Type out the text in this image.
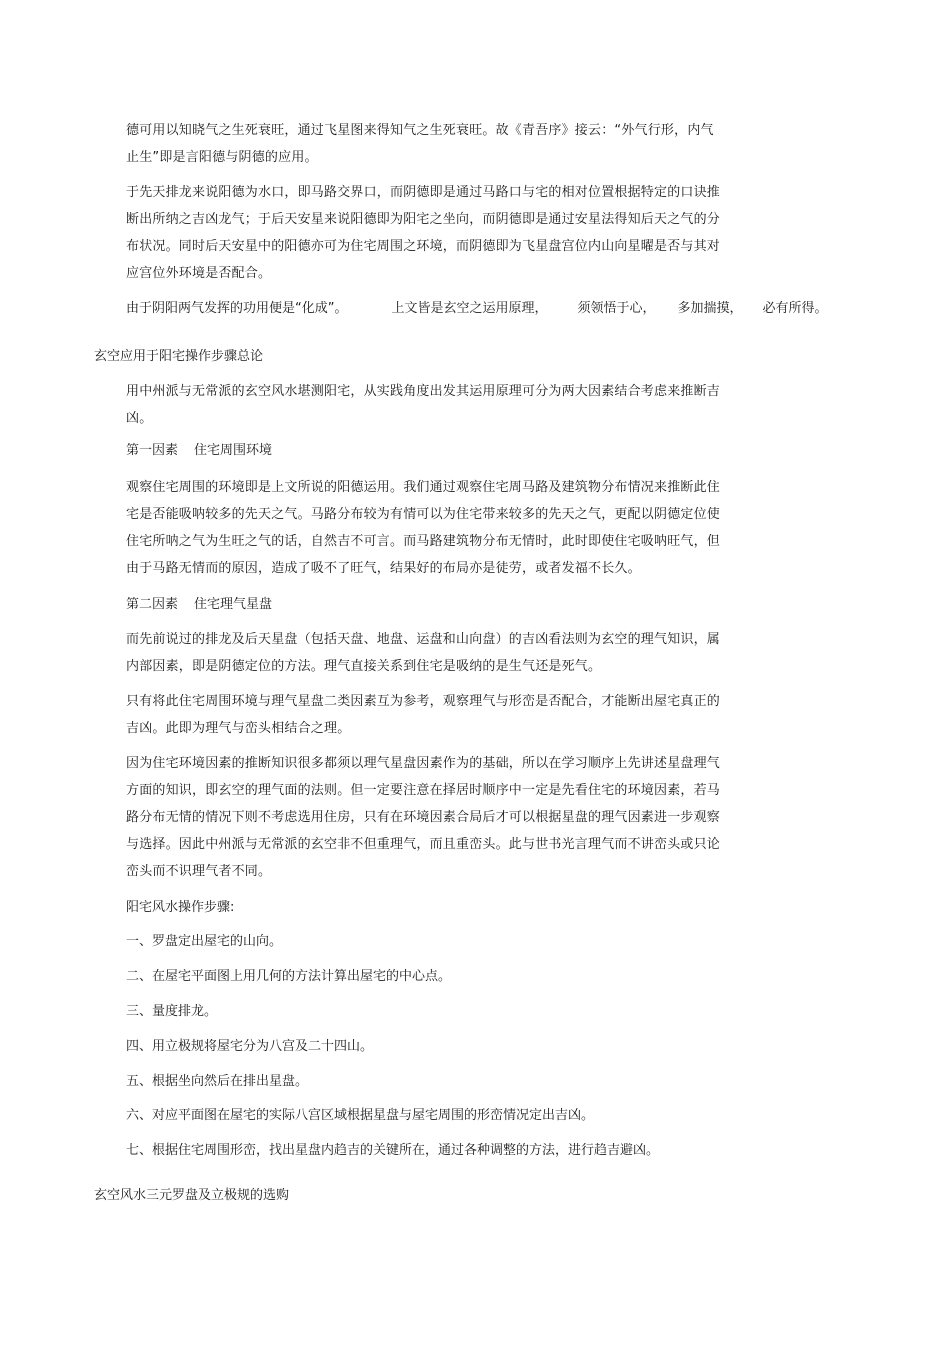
德可用以知晓气之生死衰旺，通过飞星图来得知气之生死衰旺。故《青吾序》接云：“外气行形，内气
止生”即是言阳德与阴德的应用。

于先天排龙来说阳德为水口，即马路交界口，而阴德即是通过马路口与宅的相对位置根据特定的口诀推
断出所纳之吉凶龙气；于后天安星来说阳德即为阳宅之坐向，而阴德即是通过安星法得知后天之气的分
布状况。同时后天安星中的阳德亦可为住宅周围之环境，而阴德即为飞星盘宫位内山向星曜是否与其对
应宫位外环境是否配合。

由于阴阳两气发挥的功用便是“化成”。	上文皆是玄空之运用原理， 须领悟于心， 多加揣摸， 必有所得。

玄空应用于阳宅操作步骤总论

用中州派与无常派的玄空风水堪测阳宅，从实践角度出发其运用原理可分为两大因素结合考虑来推断吉
凶。

第一因素 住宅周围环境

观察住宅周围的环境即是上文所说的阳德运用。我们通过观察住宅周马路及建筑物分布情况来推断此住
宅是否能吸呐较多的先天之气。马路分布较为有情可以为住宅带来较多的先天之气，更配以阴德定位使
住宅所呐之气为生旺之气的话，自然吉不可言。而马路建筑物分布无情时，此时即使住宅吸呐旺气，但
由于马路无情而的原因，造成了吸不了旺气，结果好的布局亦是徒劳，或者发福不长久。

第二因素 住宅理气星盘

而先前说过的排龙及后天星盘（包括天盘、地盘、运盘和山向盘）的吉凶看法则为玄空的理气知识，属
内部因素，即是阴德定位的方法。理气直接关系到住宅是吸纳的是生气还是死气。

只有将此住宅周围环境与理气星盘二类因素互为参考，观察理气与形峦是否配合，才能断出屋宅真正的
吉凶。此即为理气与峦头相结合之理。

因为住宅环境因素的推断知识很多都须以理气星盘因素作为的基础，所以在学习顺序上先讲述星盘理气
方面的知识，即玄空的理气面的法则。但一定要注意在择居时顺序中一定是先看住宅的环境因素，若马
路分布无情的情况下则不考虑选用住房，只有在环境因素合局后才可以根据星盘的理气因素进一步观察
与选择。因此中州派与无常派的玄空非不但重理气，而且重峦头。此与世书光言理气而不讲峦头或只论
峦头而不识理气者不同。

阳宅风水操作步骤:

一、罗盘定出屋宅的山向。

二、在屋宅平面图上用几何的方法计算出屋宅的中心点。

三、量度排龙。

四、用立极规将屋宅分为八宫及二十四山。

五、根据坐向然后在排出星盘。

六、对应平面图在屋宅的实际八宫区域根据星盘与屋宅周围的形峦情况定出吉凶。

七、根据住宅周围形峦，找出星盘内趋吉的关键所在，通过各种调整的方法，进行趋吉避凶。

玄空风水三元罗盘及立极规的选购
